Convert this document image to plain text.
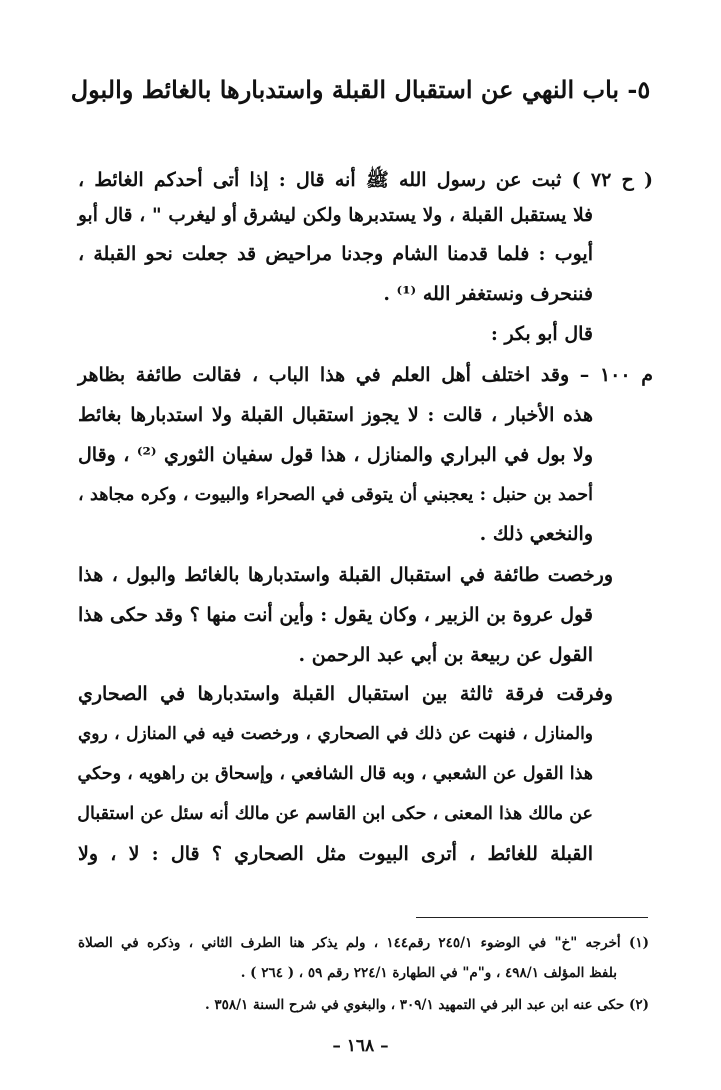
٥- باب النهي عن استقبال القبلة واستدبارها بالغائط والبول
( ح ٧٢ ) ثبت عن رسول الله ﷺ أنه قال : إذا أتى أحدكم الغائط ،
فلا يستقبل القبلة ، ولا يستدبرها ولكن ليشرق أو ليغرب " ، قال أبو
أيوب : فلما قدمنا الشام وجدنا مراحيض قد جعلت نحو القبلة ،
فننحرف ونستغفر الله ⁽¹⁾ .
قال أبو بكر :
م ١٠٠ – وقد اختلف أهل العلم في هذا الباب ، فقالت طائفة بظاهر
هذه الأخبار ، قالت : لا يجوز استقبال القبلة ولا استدبارها بغائط
ولا بول في البراري والمنازل ، هذا قول سفيان الثوري ⁽²⁾ ، وقال
أحمد بن حنبل : يعجبني أن يتوقى في الصحراء والبيوت ، وكره مجاهد ،
والنخعي ذلك .
ورخصت طائفة في استقبال القبلة واستدبارها بالغائط والبول ، هذا
قول عروة بن الزبير ، وكان يقول : وأين أنت منها ؟ وقد حكى هذا
القول عن ربيعة بن أبي عبد الرحمن .
وفرقت فرقة ثالثة بين استقبال القبلة واستدبارها في الصحاري
والمنازل ، فنهت عن ذلك في الصحاري ، ورخصت فيه في المنازل ، روي
هذا القول عن الشعبي ، وبه قال الشافعي ، وإسحاق بن راهويه ، وحكي
عن مالك هذا المعنى ، حكى ابن القاسم عن مالك أنه سئل عن استقبال
القبلة للغائط ، أترى البيوت مثل الصحاري ؟ قال : لا ، ولا
(١) أخرجه "خ" في الوضوء ٢٤٥/١ رقم١٤٤ ، ولم يذكر هنا الطرف الثاني ، وذكره في الصلاة
بلفظ المؤلف ٤٩٨/١ ، و"م" في الطهارة ٢٢٤/١ رقم ٥٩ ، ( ٢٦٤ ) .
(٢) حكى عنه ابن عبد البر في التمهيد ٣٠٩/١ ، والبغوي في شرح السنة ٣٥٨/١ .
– ١٦٨ –
